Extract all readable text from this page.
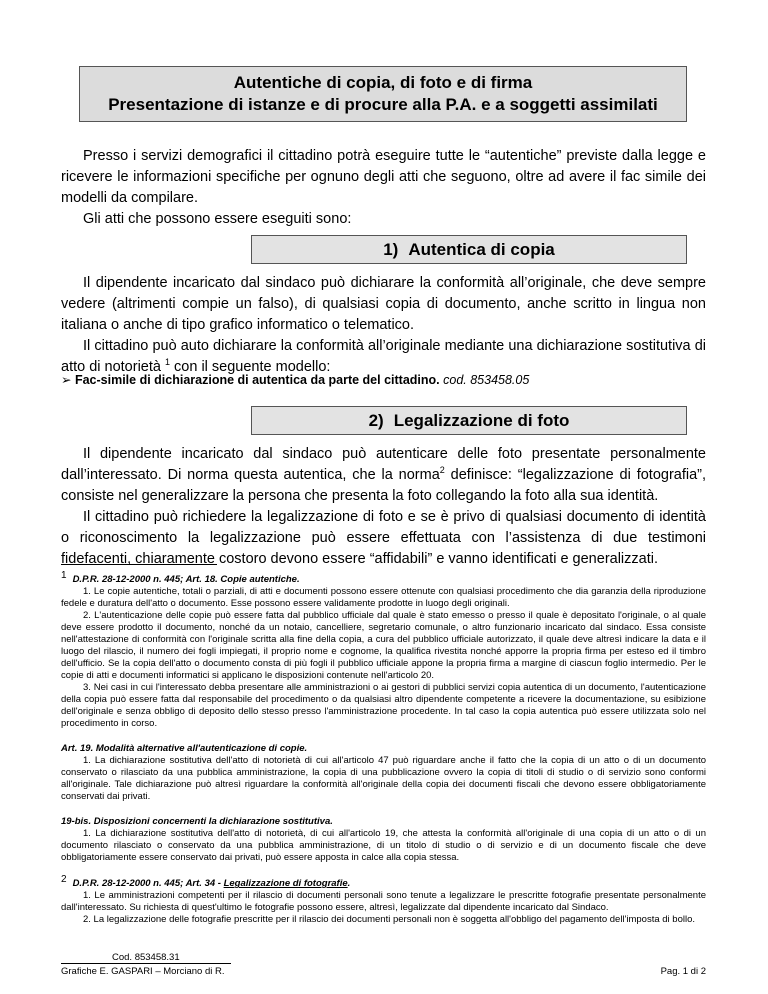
Autentiche di copia, di foto e di firma
Presentazione di istanze e di procure alla P.A. e a soggetti assimilati

Presso i servizi demografici il cittadino potrà eseguire tutte le “autentiche” previste dalla legge e ricevere le informazioni specifiche per ognuno degli atti che seguono, oltre ad avere il fac simile dei modelli da compilare.

Gli atti che possono essere eseguiti sono:

1) Autentica di copia

Il dipendente incaricato dal sindaco può dichiarare la conformità all’originale, che deve sempre vedere (altrimenti compie un falso), di qualsiasi copia di documento, anche scritto in lingua non italiana o anche di tipo grafico informatico o telematico.

Il cittadino può auto dichiarare la conformità all’originale mediante una dichiarazione sostitutiva di atto di notorietà $^1$ con il seguente modello:

➢ Fac-simile di dichiarazione di autentica da parte del cittadino. cod. 853458.05
2) Legalizzazione di foto

Il dipendente incaricato dal sindaco può autenticare delle foto presentate personalmente dall’interessato. Di norma questa autentica, che la norma$^2$ definisce: “legalizzazione di fotografia”, consiste nel generalizzare la persona che presenta la foto collegando la foto alla sua identità.

Il cittadino può richiedere la legalizzazione di foto e se è privo di qualsiasi documento di identità o riconoscimento la legalizzazione può essere effettuata con l’assistenza di due testimoni fidefacenti, chiaramente costoro devono essere “affidabili” e vanno identificati e generalizzati.

1 D.P.R. 28-12-2000 n. 445; Art. 18. Copie autentiche.

1. Le copie autentiche, totali o parziali, di atti e documenti possono essere ottenute con qualsiasi procedimento che dia garanzia della riproduzione fedele e duratura dell'atto o documento. Esse possono essere validamente prodotte in luogo degli originali.

2. L'autenticazione delle copie può essere fatta dal pubblico ufficiale dal quale è stato emesso o presso il quale è depositato l'originale, o al quale deve essere prodotto il documento, nonché da un notaio, cancelliere, segretario comunale, o altro funzionario incaricato dal sindaco. Essa consiste nell'attestazione di conformità con l'originale scritta alla fine della copia, a cura del pubblico ufficiale autorizzato, il quale deve altresì indicare la data e il luogo del rilascio, il numero dei fogli impiegati, il proprio nome e cognome, la qualifica rivestita nonché apporre la propria firma per esteso ed il timbro dell'ufficio. Se la copia dell'atto o documento consta di più fogli il pubblico ufficiale appone la propria firma a margine di ciascun foglio intermedio. Per le copie di atti e documenti informatici si applicano le disposizioni contenute nell'articolo 20.

3. Nei casi in cui l'interessato debba presentare alle amministrazioni o ai gestori di pubblici servizi copia autentica di un documento, l'autenticazione della copia può essere fatta dal responsabile del procedimento o da qualsiasi altro dipendente competente a ricevere la documentazione, su esibizione dell'originale e senza obbligo di deposito dello stesso presso l'amministrazione procedente. In tal caso la copia autentica può essere utilizzata solo nel procedimento in corso.

Art. 19. Modalità alternative all'autenticazione di copie.

1. La dichiarazione sostitutiva dell'atto di notorietà di cui all'articolo 47 può riguardare anche il fatto che la copia di un atto o di un documento conservato o rilasciato da una pubblica amministrazione, la copia di una pubblicazione ovvero la copia di titoli di studio o di servizio sono conformi all'originale. Tale dichiarazione può altresì riguardare la conformità all'originale della copia dei documenti fiscali che devono essere obbligatoriamente conservati dai privati.

19-bis. Disposizioni concernenti la dichiarazione sostitutiva.

1. La dichiarazione sostitutiva dell'atto di notorietà, di cui all'articolo 19, che attesta la conformità all'originale di una copia di un atto o di un documento rilasciato o conservato da una pubblica amministrazione, di un titolo di studio o di servizio e di un documento fiscale che deve obbligatoriamente essere conservato dai privati, può essere apposta in calce alla copia stessa.

2 D.P.R. 28-12-2000 n. 445; Art. 34 - Legalizzazione di fotografie.

1. Le amministrazioni competenti per il rilascio di documenti personali sono tenute a legalizzare le prescritte fotografie presentate personalmente dall'interessato. Su richiesta di quest'ultimo le fotografie possono essere, altresì, legalizzate dal dipendente incaricato dal Sindaco.

2. La legalizzazione delle fotografie prescritte per il rilascio dei documenti personali non è soggetta all'obbligo del pagamento dell'imposta di bollo.

Cod. 853458.31
Grafiche E. GASPARI – Morciano di R.	Pag. 1 di 2
